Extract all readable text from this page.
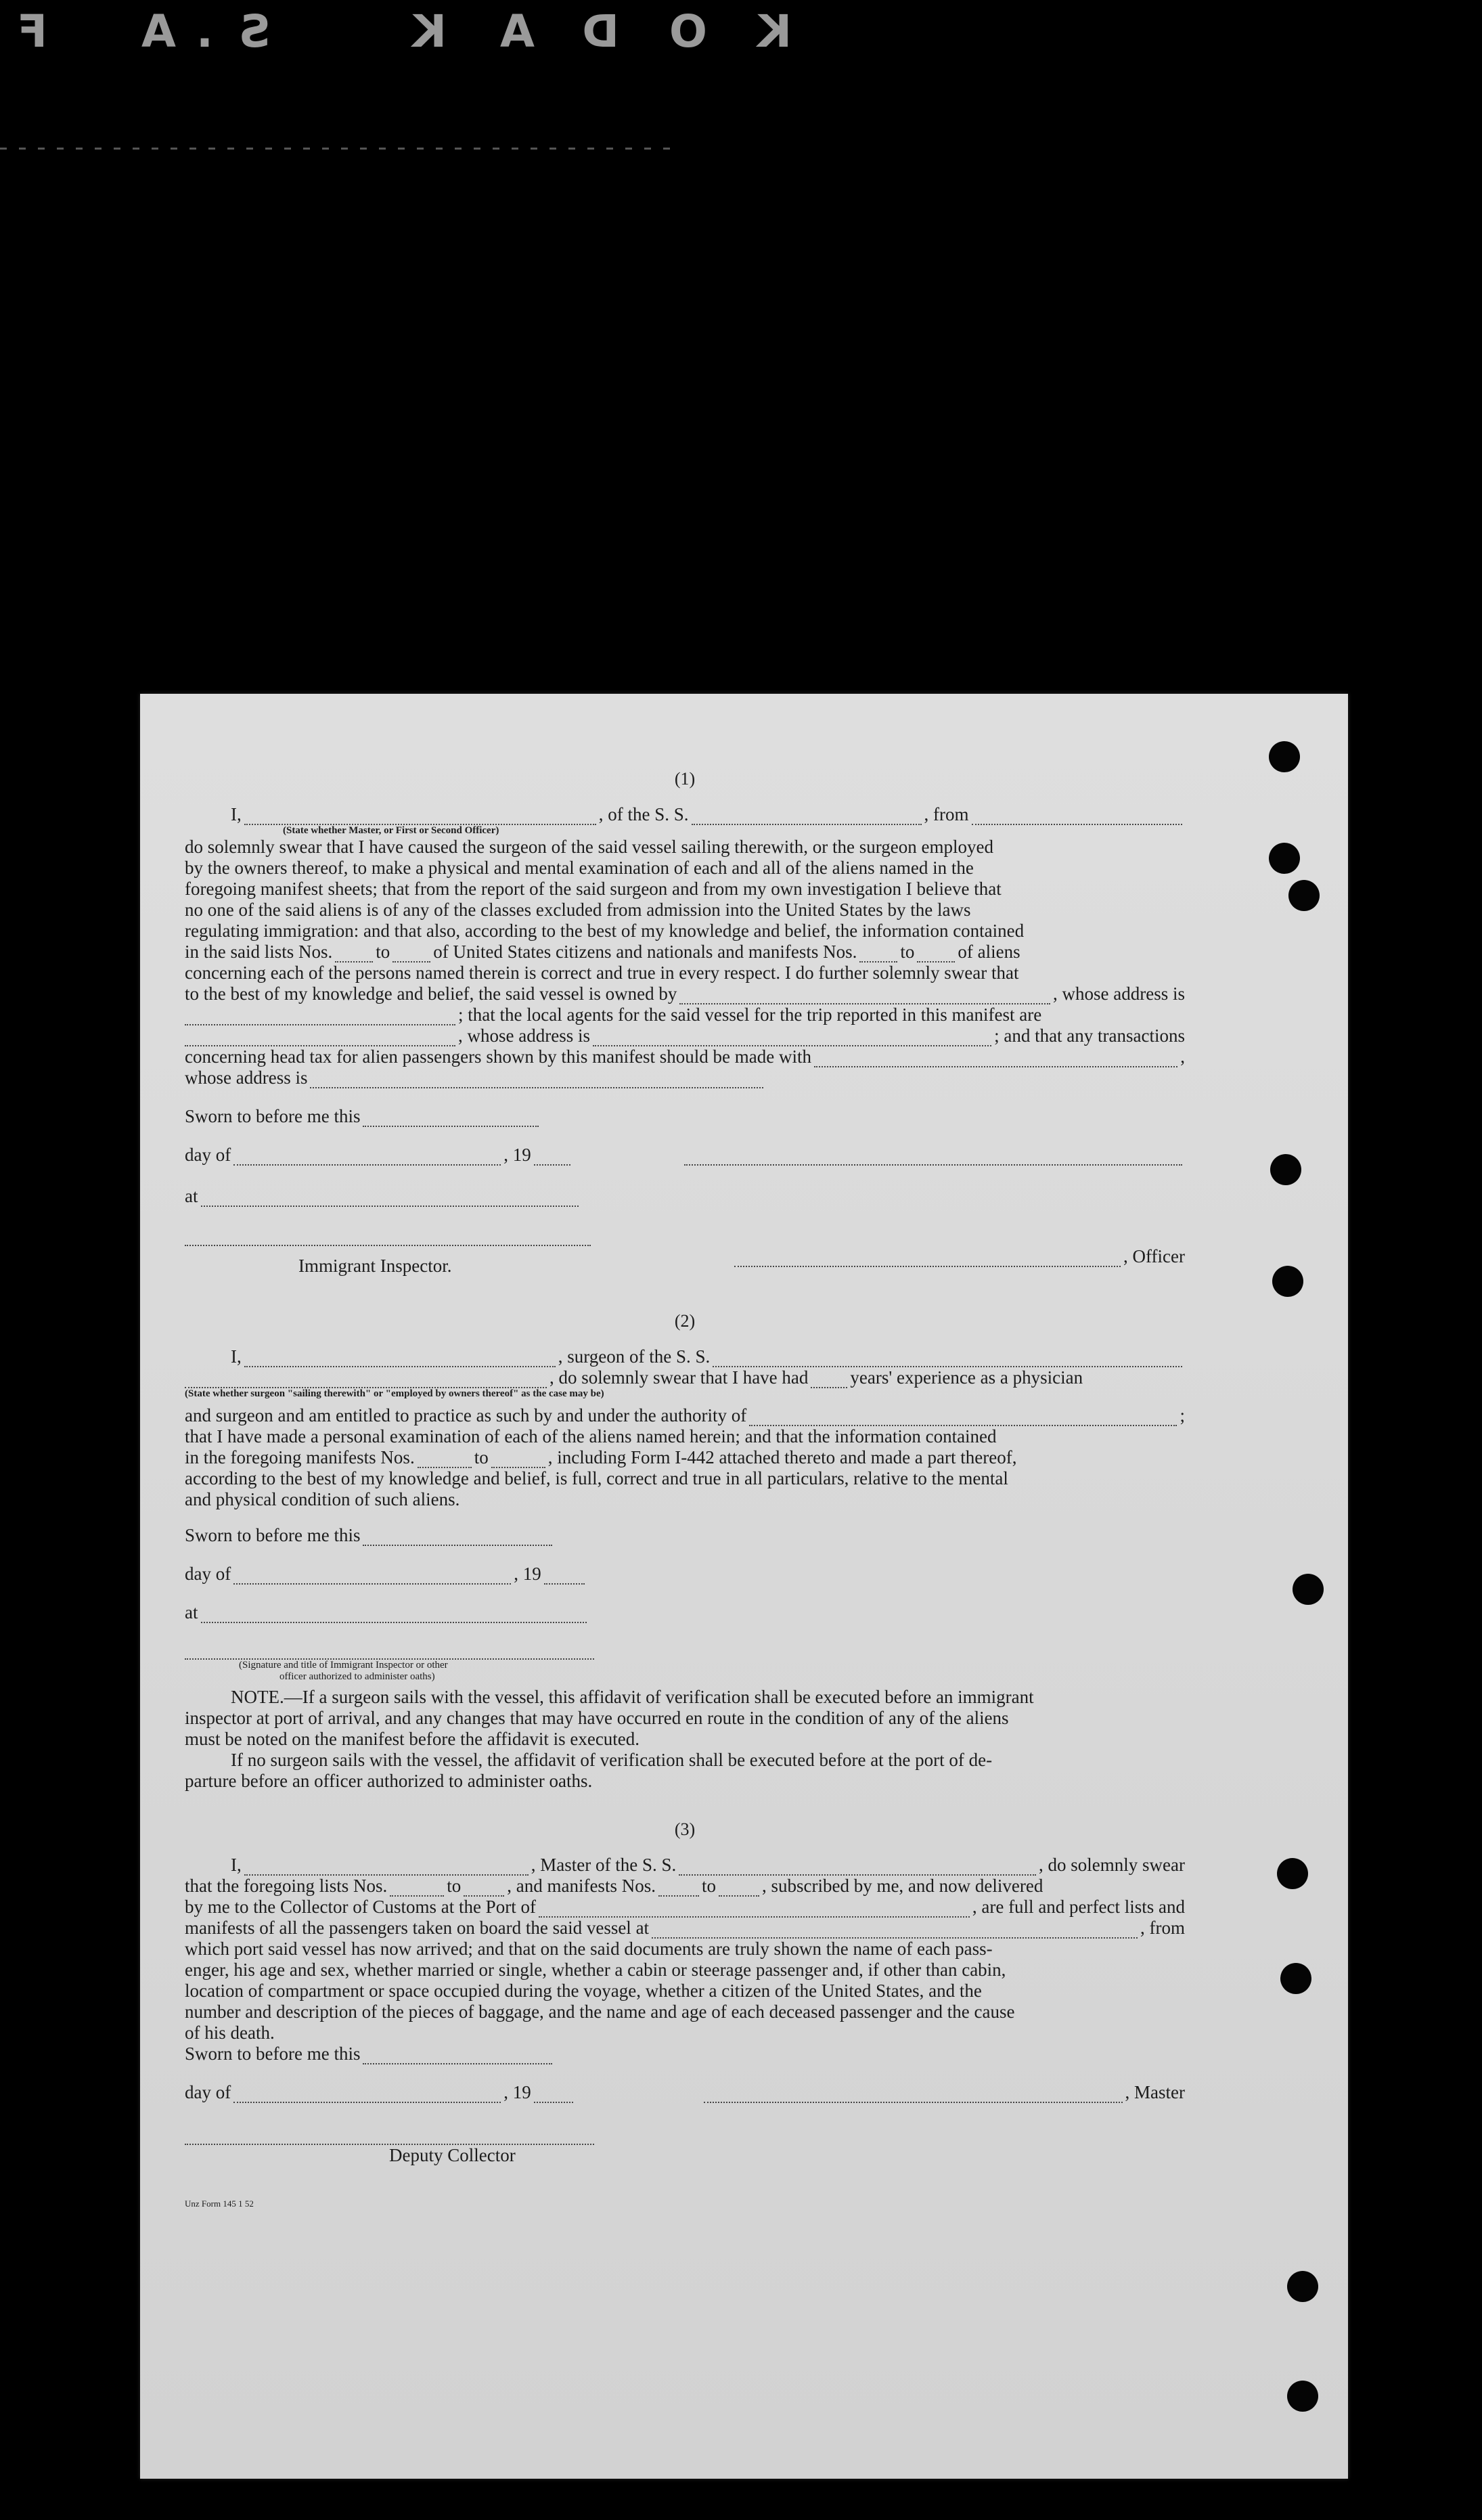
K
O
D
A
K
S
.
A
F
(1)
I,	, of the S. S.	, from
(State whether Master, or First or Second Officer)

do solemnly swear that I have caused the surgeon of the said vessel sailing therewith, or the surgeon employed

by the owners thereof, to make a physical and mental examination of each and all of the aliens named in the

foregoing manifest sheets; that from the report of the said surgeon and from my own investigation I believe that

no one of the said aliens is of any of the classes excluded from admission into the United States by the laws

regulating immigration: and that also, according to the best of my knowledge and belief, the information contained

in the said lists Nos. to of United States citizens and nationals and manifests Nos. to of aliens

concerning each of the persons named therein is correct and true in every respect. I do further solemnly swear that

to the best of my knowledge and belief, the said vessel is owned by	, whose address is
; that the local agents for the said vessel for the trip reported in this manifest are
, whose address is	; and that any transactions
concerning head tax for alien passengers shown by this manifest should be made with	,
whose address is
Sworn to before me this
day of	, 19
at
Immigrant Inspector.	, Officer
(2)
I,	, surgeon of the S. S.
, do solemnly swear that I have had years' experience as a physician
(State whether surgeon "sailing therewith" or "employed by owners thereof" as the case may be)
and surgeon and am entitled to practice as such by and under the authority of	;

that I have made a personal examination of each of the aliens named herein; and that the information contained

in the foregoing manifests Nos.	to	, including Form I-442 attached thereto and made a part thereof,

according to the best of my knowledge and belief, is full, correct and true in all particulars, relative to the mental

and physical condition of such aliens.

Sworn to before me this
day of	, 19
at
(Signature and title of Immigrant Inspector or other
officer authorized to administer oaths)

NOTE.—If a surgeon sails with the vessel, this affidavit of verification shall be executed before an immigrant

inspector at port of arrival, and any changes that may have occurred en route in the condition of any of the aliens

must be noted on the manifest before the affidavit is executed.

If no surgeon sails with the vessel, the affidavit of verification shall be executed before at the port of de-

parture before an officer authorized to administer oaths.

(3)
I,	, Master of the S. S.	, do solemnly swear
that the foregoing lists Nos.	to	, and manifests Nos.	to	, subscribed by me, and now delivered
by me to the Collector of Customs at the Port of	, are full and perfect lists and
manifests of all the passengers taken on board the said vessel at	, from

which port said vessel has now arrived; and that on the said documents are truly shown the name of each pass-

enger, his age and sex, whether married or single, whether a cabin or steerage passenger and, if other than cabin,

location of compartment or space occupied during the voyage, whether a citizen of the United States, and the

number and description of the pieces of baggage, and the name and age of each deceased passenger and the cause

of his death.

Sworn to before me this
day of	, 19	, Master
Deputy Collector
Unz Form 145 1 52
